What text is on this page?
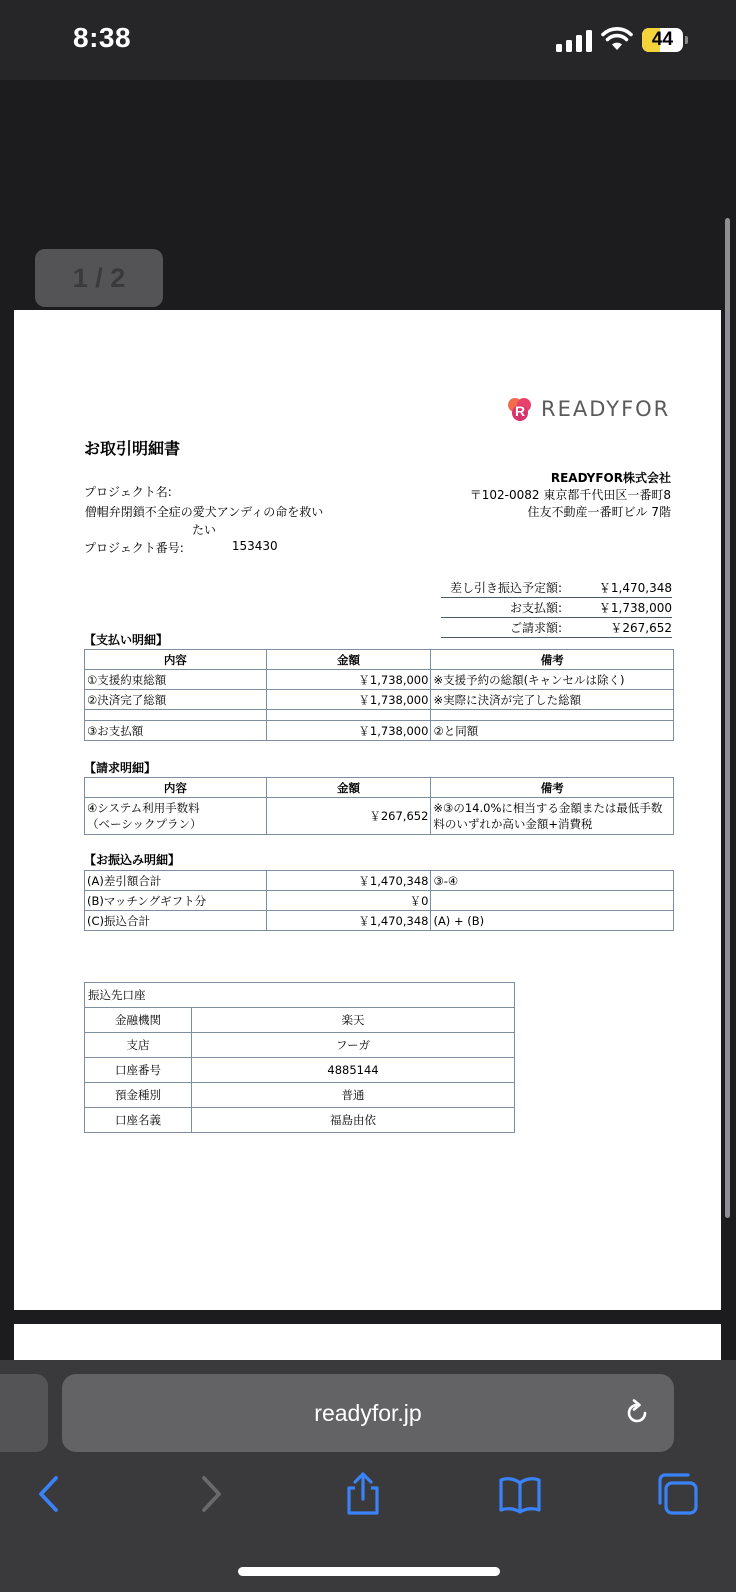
8:38	44
1 / 2
R READYFOR
お取引明細書
プロジェクト名:
僧帽弁閉鎖不全症の愛犬アンディの命を救いたい
プロジェクト番号:	153430
READYFOR株式会社
〒102-0082 東京都千代田区一番町8
住友不動産一番町ビル 7階
差し引き振込予定額:	￥1,470,348
お支払額:	￥1,738,000
ご請求額:	￥267,652
【支払い明細】
内容	金額	備考
①支援約束総額	￥1,738,000	※支援予約の総額(キャンセルは除く)
②決済完了総額	￥1,738,000	※実際に決済が完了した総額

③お支払額	￥1,738,000	②と同額
【請求明細】
内容	金額	備考

④システム利用手数料
（ベーシックプラン）	￥267,652	※③の14.0%に相当する金額または最低手数料のいずれか高い金額+消費税
【お振込み明細】
(A)差引額合計	￥1,470,348	③-④
(B)マッチングギフト分	￥0	
(C)振込合計	￥1,470,348	(A) + (B)
振込先口座	
金融機関	楽天
支店	フーガ
口座番号	4885144
預金種別	普通
口座名義	福島由依
readyfor.jp
